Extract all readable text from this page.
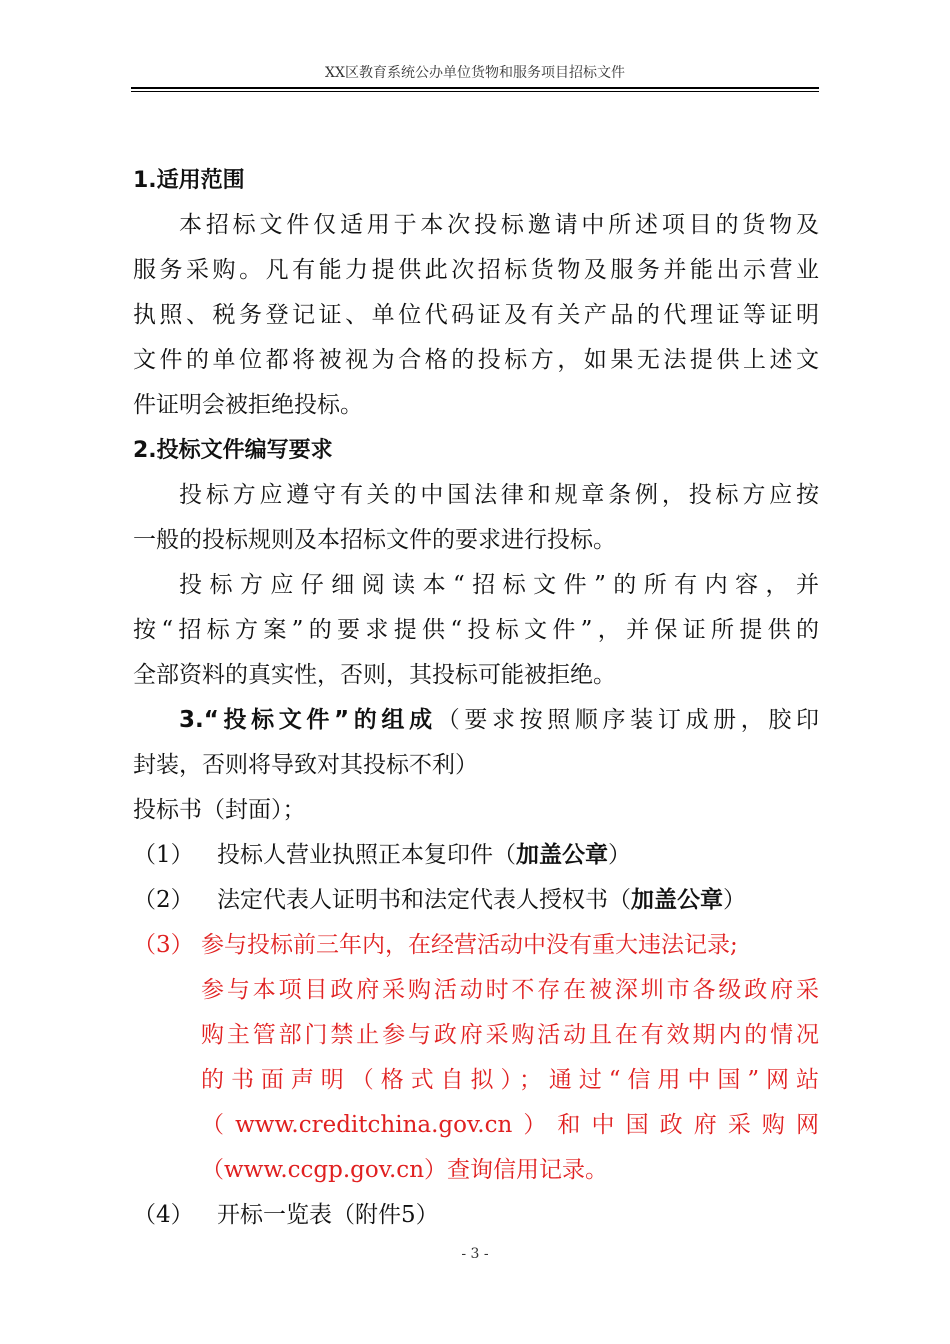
XX区教育系统公办单位货物和服务项目招标文件
1.适用范围
本招标文件仅适用于本次投标邀请中所述项目的货物及
服务采购。凡有能力提供此次招标货物及服务并能出示营业
执照、税务登记证、单位代码证及有关产品的代理证等证明
文件的单位都将被视为合格的投标方，如果无法提供上述文
件证明会被拒绝投标。
2.投标文件编写要求
投标方应遵守有关的中国法律和规章条例，投标方应按
一般的投标规则及本招标文件的要求进行投标。
投标方应仔细阅读本“招标文件”的所有内容，并
按“招标方案”的要求提供“投标文件”，并保证所提供的
全部资料的真实性，否则，其投标可能被拒绝。
3.“投标文件”的组成（要求按照顺序装订成册，胶印
封装，否则将导致对其投标不利）
投标书（封面）；
（1） 投标人营业执照正本复印件（加盖公章）
（2） 法定代表人证明书和法定代表人授权书（加盖公章）
（3） 参与投标前三年内，在经营活动中没有重大违法记录;
参与本项目政府采购活动时不存在被深圳市各级政府采
购主管部门禁止参与政府采购活动且在有效期内的情况
的书面声明（格式自拟）；通过“信用中国”网站
（www.creditchina.gov.cn）和中国政府采购网
（www.ccgp.gov.cn）查询信用记录。
（4） 开标一览表（附件5）
- 3 -
